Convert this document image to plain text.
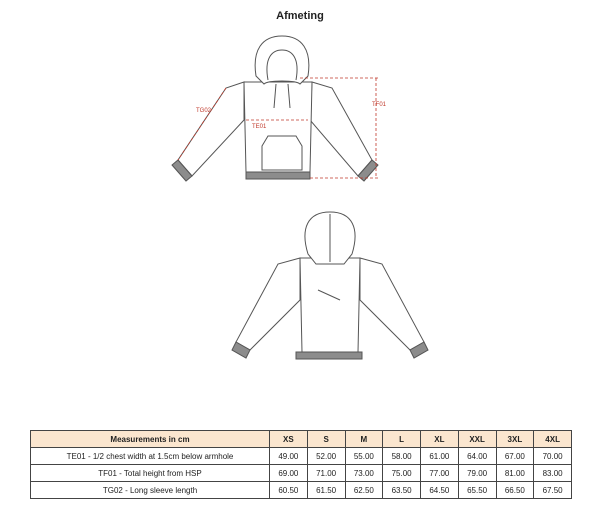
Afmeting
TG02
TE01
TF01
Measurements in cm	XS	S	M	L	XL	XXL	3XL	4XL
TE01 - 1/2 chest width at 1.5cm below armhole	49.00	52.00	55.00	58.00	61.00	64.00	67.00	70.00
TF01 - Total height from HSP	69.00	71.00	73.00	75.00	77.00	79.00	81.00	83.00
TG02 - Long sleeve length	60.50	61.50	62.50	63.50	64.50	65.50	66.50	67.50
